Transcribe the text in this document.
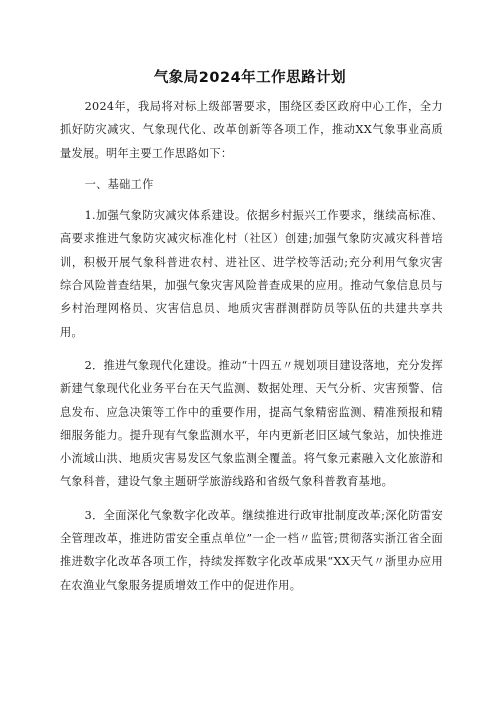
气象局2024年工作思路计划

2024年，我局将对标上级部署要求，围绕区委区政府中心工作，全力抓好防灾减灾、气象现代化、改革创新等各项工作，推动XX气象事业高质量发展。明年主要工作思路如下：

一、基础工作

1.加强气象防灾减灾体系建设。依据乡村振兴工作要求，继续高标准、高要求推进气象防灾减灾标准化村（社区）创建;加强气象防灾减灾科普培训，积极开展气象科普进农村、进社区、进学校等活动;充分利用气象灾害综合风险普查结果，加强气象灾害风险普查成果的应用。推动气象信息员与乡村治理网格员、灾害信息员、地质灾害群测群防员等队伍的共建共享共用。

2．推进气象现代化建设。推动“十四五〃规划项目建设落地，充分发挥新建气象现代化业务平台在天气监测、数据处理、天气分析、灾害预警、信息发布、应急决策等工作中的重要作用，提高气象精密监测、精准预报和精细服务能力。提升现有气象监测水平，年内更新老旧区域气象站，加快推进小流域山洪、地质灾害易发区气象监测全覆盖。将气象元素融入文化旅游和气象科普，建设气象主题研学旅游线路和省级气象科普教育基地。

3．全面深化气象数字化改革。继续推进行政审批制度改革;深化防雷安全管理改革，推进防雷安全重点单位”一企一档〃监管;贯彻落实浙江省全面推进数字化改革各项工作，持续发挥数字化改革成果“XX天气〃浙里办应用在农渔业气象服务提质增效工作中的促进作用。
